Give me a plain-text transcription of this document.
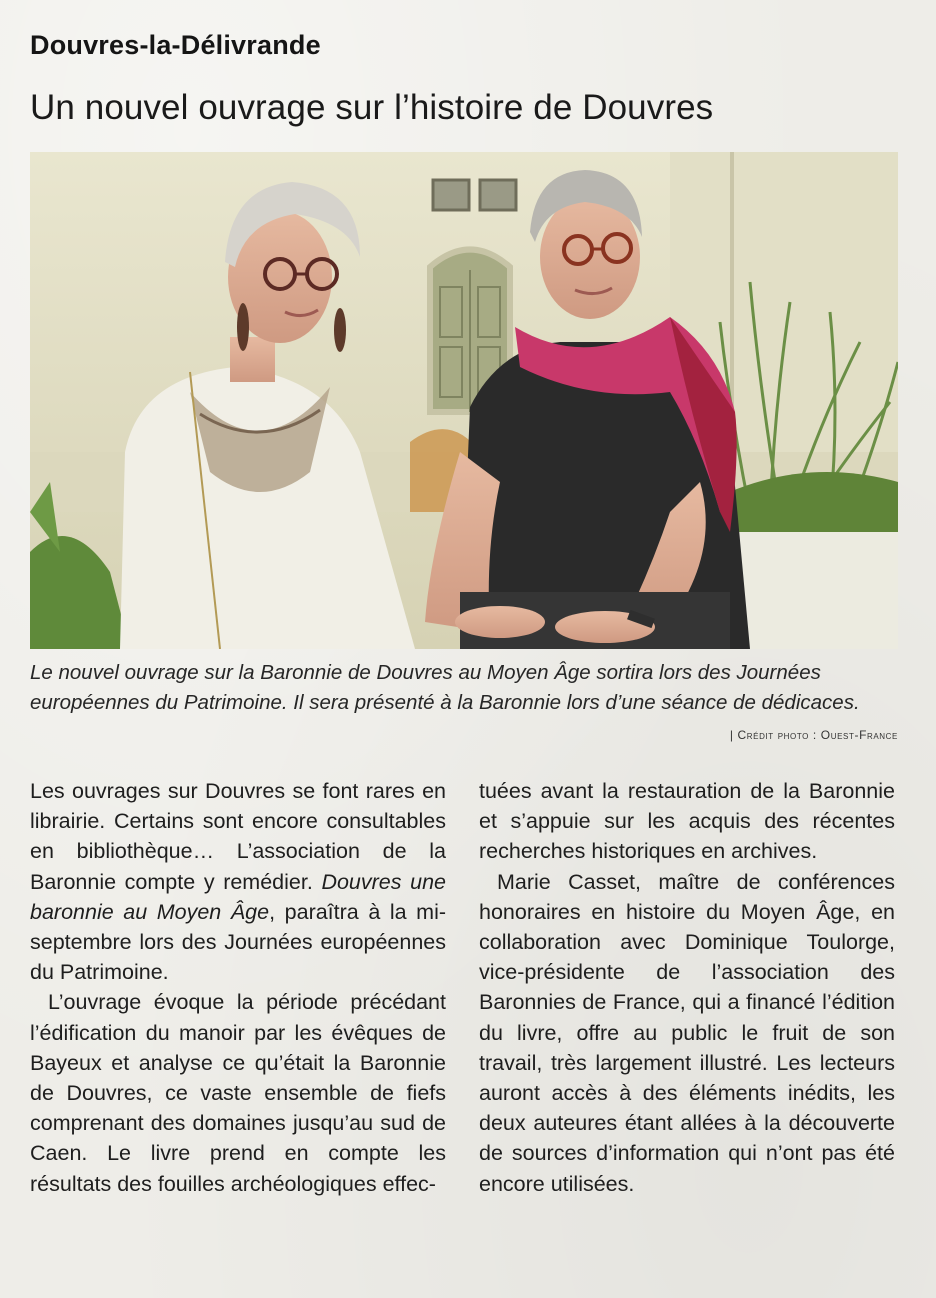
Douvres-la-Délivrande
Un nouvel ouvrage sur l’histoire de Douvres
Le nouvel ouvrage sur la Baronnie de Douvres au Moyen Âge sortira lors des Journées européennes du Patrimoine. Il sera présenté à la Baronnie lors d’une séance de dédicaces.
| Crédit photo : Ouest-France

Les ouvrages sur Douvres se font rares en librairie. Certains sont encore consultables en bibliothèque… L’association de la Baronnie compte y remédier. Douvres une baronnie au Moyen Âge, paraîtra à la mi-septembre lors des Journées européennes du Patrimoine.

L’ouvrage évoque la période précédant l’édification du manoir par les évêques de Bayeux et analyse ce qu’était la Baronnie de Douvres, ce vaste ensemble de fiefs comprenant des domaines jusqu’au sud de Caen. Le livre prend en compte les résultats des fouilles archéologiques effec-

tuées avant la restauration de la Baronnie et s’appuie sur les acquis des récentes recherches historiques en archives.

Marie Casset, maître de conférences honoraires en histoire du Moyen Âge, en collaboration avec Dominique Toulorge, vice-présidente de l’association des Baronnies de France, qui a financé l’édition du livre, offre au public le fruit de son travail, très largement illustré. Les lecteurs auront accès à des éléments inédits, les deux auteures étant allées à la découverte de sources d’information qui n’ont pas été encore utilisées.
